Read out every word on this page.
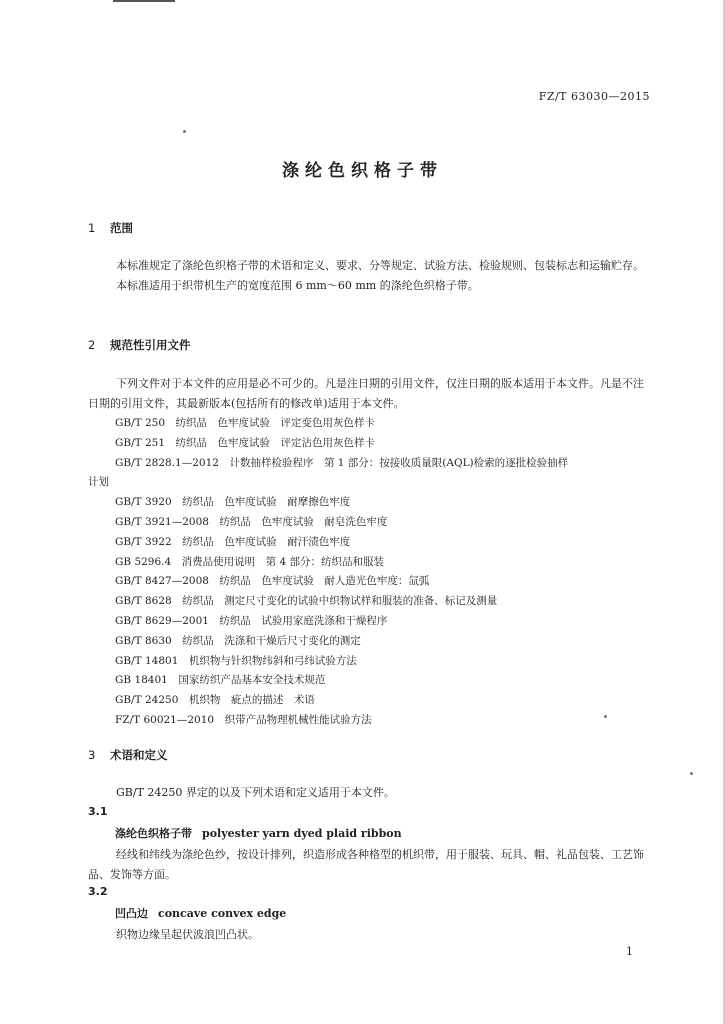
FZ/T 63030—2015
涤纶色织格子带
1 范围
本标准规定了涤纶色织格子带的术语和定义、要求、分等规定、试验方法、检验规则、包装标志和运输贮存。
本标准适用于织带机生产的宽度范围 6 mm～60 mm 的涤纶色织格子带。
2 规范性引用文件
下列文件对于本文件的应用是必不可少的。凡是注日期的引用文件，仅注日期的版本适用于本文件。凡是不注日期的引用文件，其最新版本(包括所有的修改单)适用于本文件。
GB/T 250　纺织品　色牢度试验　评定变色用灰色样卡
GB/T 251　纺织品　色牢度试验　评定沾色用灰色样卡
GB/T 2828.1—2012　计数抽样检验程序　第 1 部分：按接收质量限(AQL)检索的逐批检验抽样
计划
GB/T 3920　纺织品　色牢度试验　耐摩擦色牢度
GB/T 3921—2008　纺织品　色牢度试验　耐皂洗色牢度
GB/T 3922　纺织品　色牢度试验　耐汗渍色牢度
GB 5296.4　消费品使用说明　第 4 部分：纺织品和服装
GB/T 8427—2008　纺织品　色牢度试验　耐人造光色牢度：氙弧
GB/T 8628　纺织品　测定尺寸变化的试验中织物试样和服装的准备、标记及测量
GB/T 8629—2001　纺织品　试验用家庭洗涤和干燥程序
GB/T 8630　纺织品　洗涤和干燥后尺寸变化的测定
GB/T 14801　机织物与针织物纬斜和弓纬试验方法
GB 18401　国家纺织产品基本安全技术规范
GB/T 24250　机织物　疵点的描述　术语
FZ/T 60021—2010　织带产品物理机械性能试验方法
3 术语和定义
GB/T 24250 界定的以及下列术语和定义适用于本文件。
3.1
涤纶色织格子带 polyester yarn dyed plaid ribbon
经线和纬线为涤纶色纱，按设计排列，织造形成各种格型的机织带，用于服装、玩具、帽、礼品包装、工艺饰品、发饰等方面。
3.2
凹凸边 concave convex edge
织物边缘呈起伏波浪凹凸状。
1
